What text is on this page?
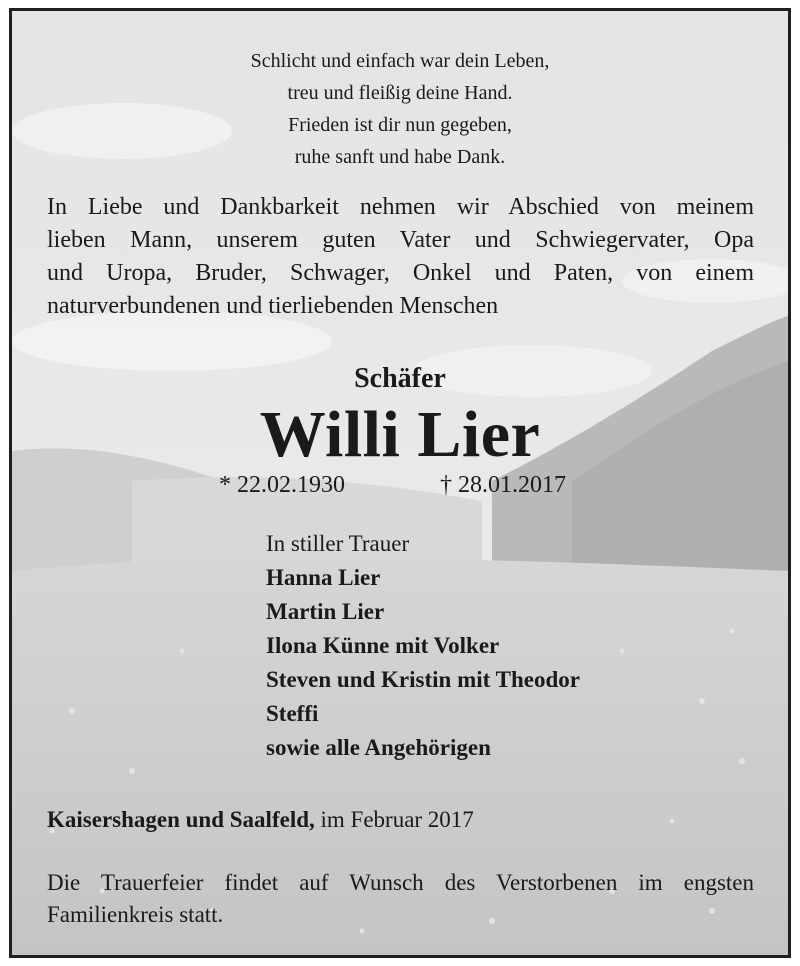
Schlicht und einfach war dein Leben,
treu und fleißig deine Hand.
Frieden ist dir nun gegeben,
ruhe sanft und habe Dank.
In Liebe und Dankbarkeit nehmen wir Abschied von meinem
lieben Mann, unserem guten Vater und Schwiegervater, Opa
und Uropa, Bruder, Schwager, Onkel und Paten, von einem
naturverbundenen und tierliebenden Menschen
Schäfer
Willi Lier
* 22.02.1930	† 28.01.2017
In stiller Trauer
Hanna Lier
Martin Lier
Ilona Künne mit Volker
Steven und Kristin mit Theodor
Steffi
sowie alle Angehörigen
Kaisershagen und Saalfeld, im Februar 2017
Die Trauerfeier findet auf Wunsch des Verstorbenen im engsten
Familienkreis statt.
